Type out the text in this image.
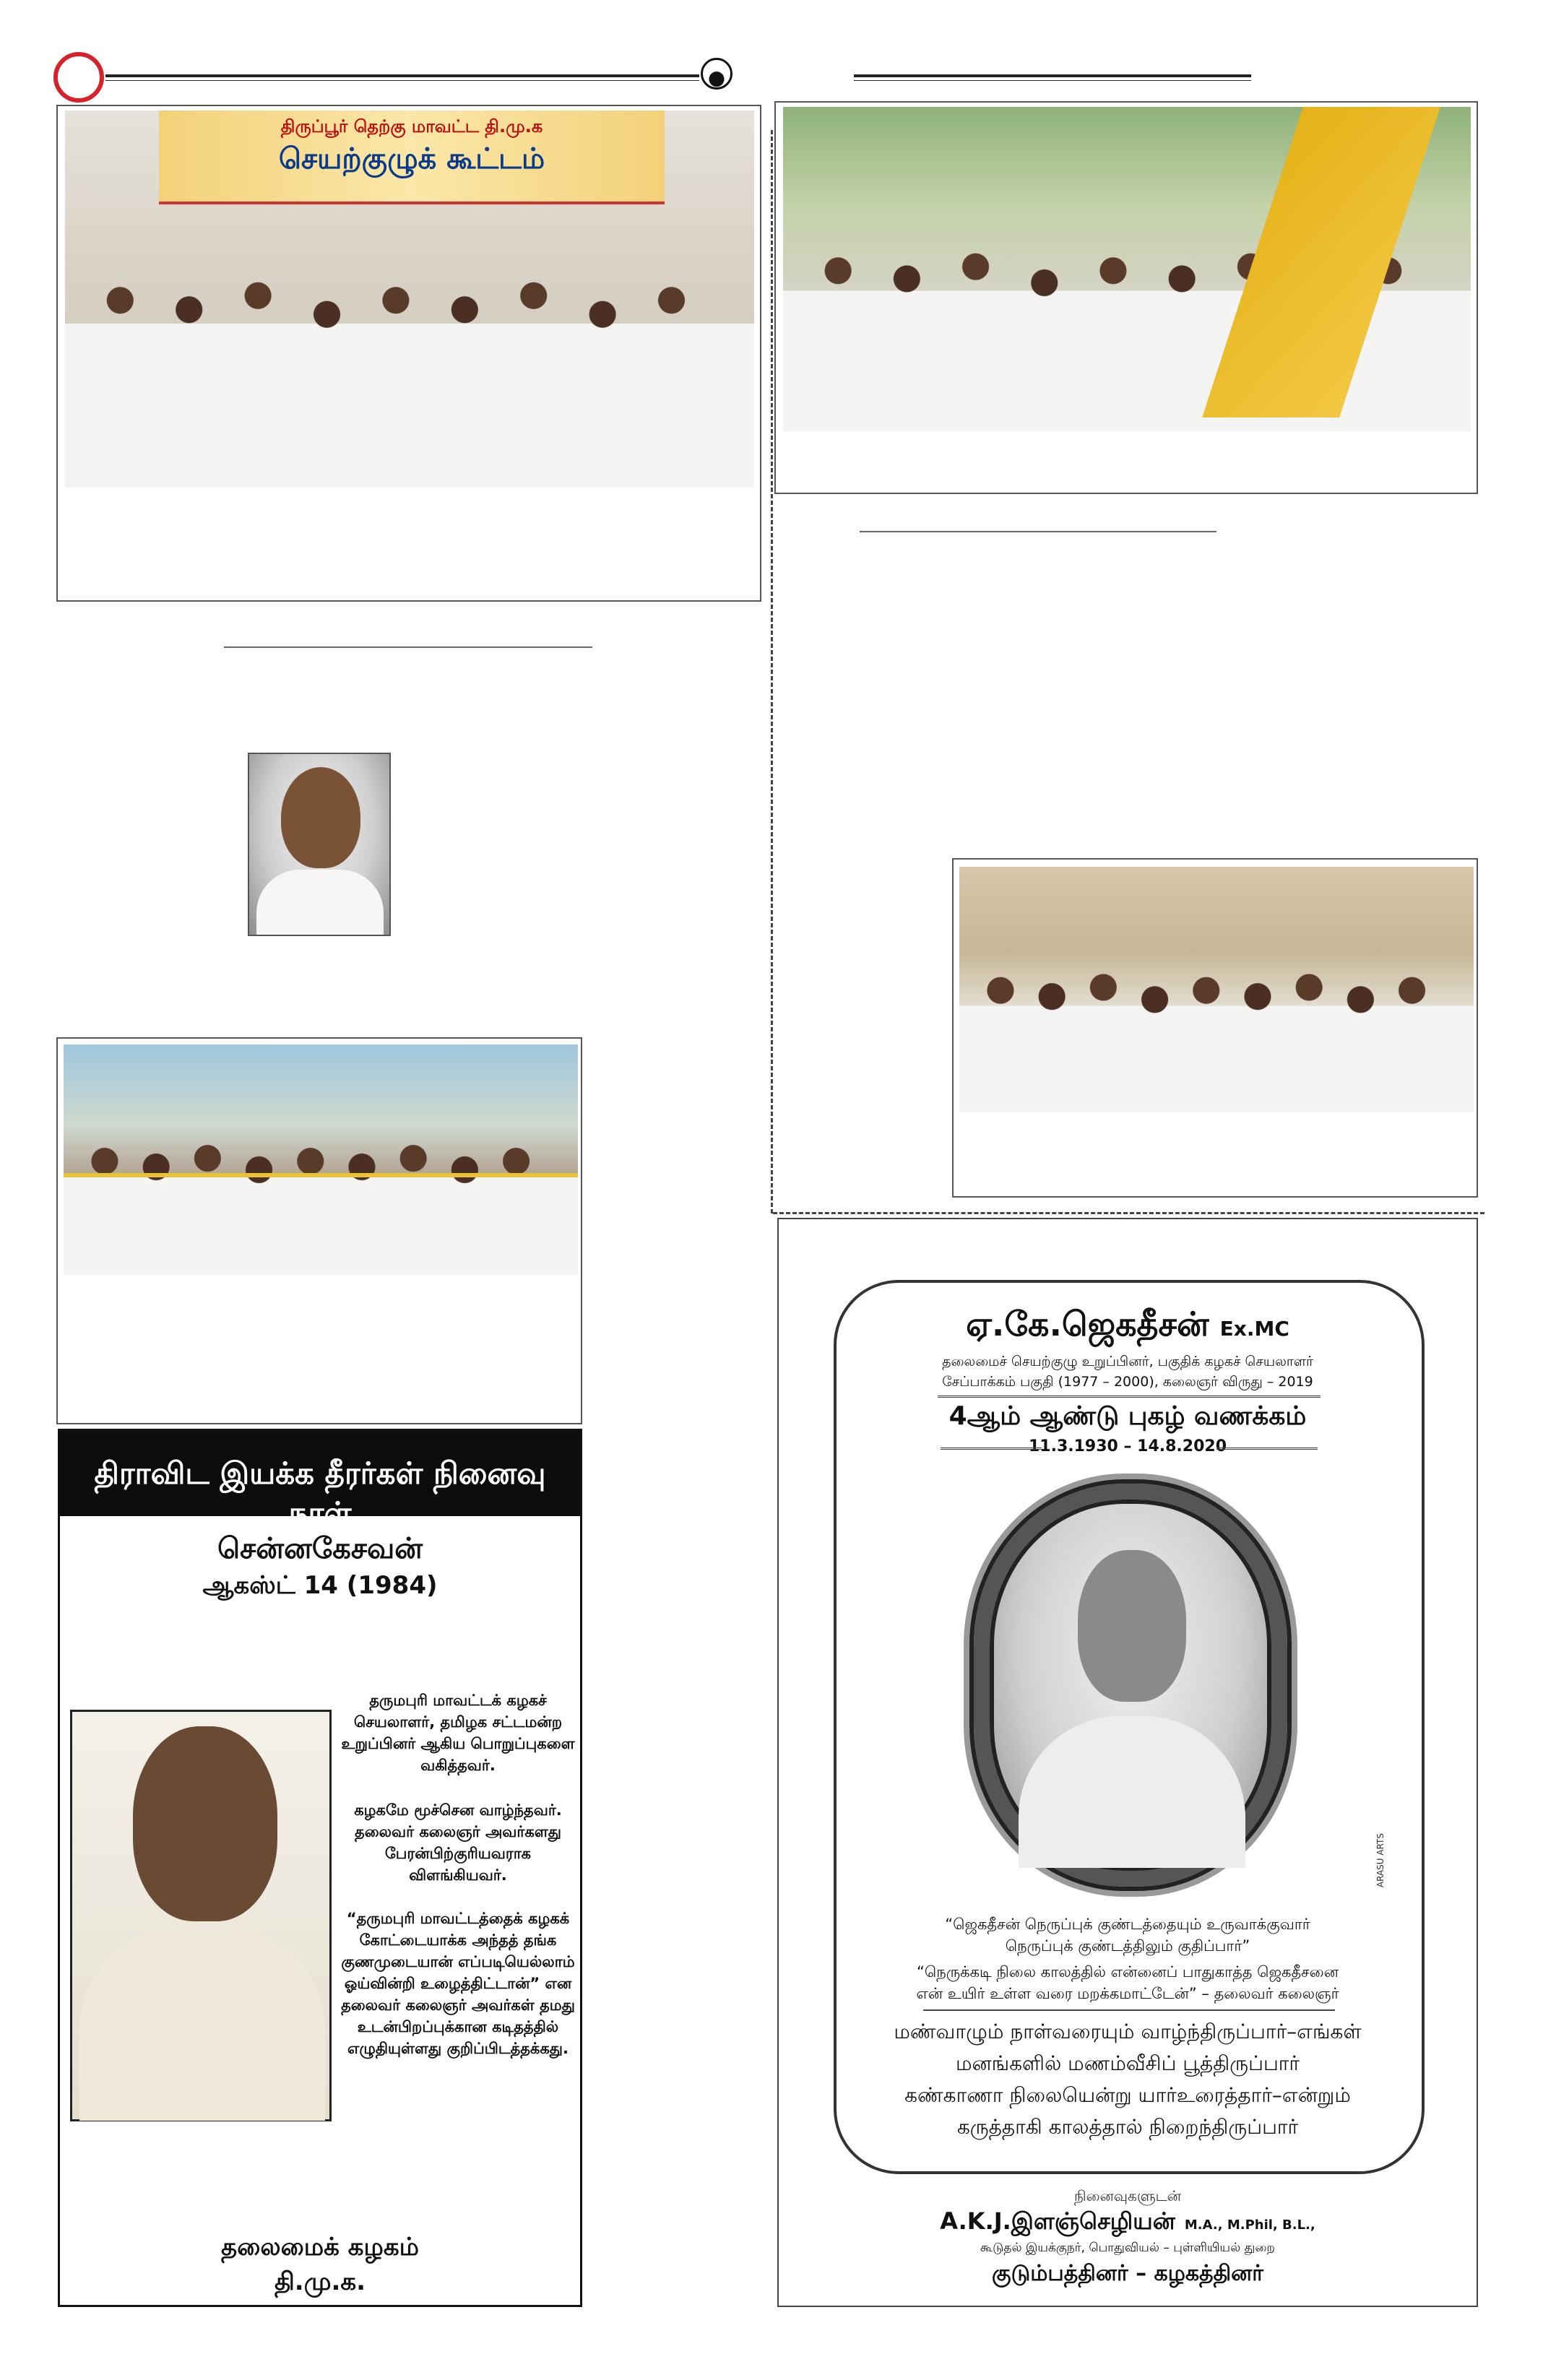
திருப்பூர் தெற்கு மாவட்ட தி.மு.க
செயற்குழுக் கூட்டம்
திராவிட இயக்க தீரர்கள் நினைவு நாள்
சென்னகேசவன்
ஆகஸ்ட் 14 (1984)
தருமபுரி மாவட்டக் கழகச் செயலாளர், தமிழக சட்டமன்ற உறுப்பினர் ஆகிய பொறுப்புகளை வகித்தவர்.
கழகமே மூச்சென வாழ்ந்தவர். தலைவர் கலைஞர் அவர்களது பேரன்பிற்குரியவராக விளங்கியவர்.
“தருமபுரி மாவட்டத்தைக் கழகக் கோட்டையாக்க அந்தத் தங்க குணமுடையான் எப்படியெல்லாம் ஓய்வின்றி உழைத்திட்டான்” என தலைவர் கலைஞர் அவர்கள் தமது உடன்பிறப்புக்கான கடிதத்தில் எழுதியுள்ளது குறிப்பிடத்தக்கது.
தலைமைக் கழகம்
தி.மு.க.
ஏ.கே.ஜெகதீசன் Ex.MC
தலைமைச் செயற்குழு உறுப்பினர், பகுதிக் கழகச் செயலாளர்
சேப்பாக்கம் பகுதி (1977 – 2000), கலைஞர் விருது – 2019
4ஆம் ஆண்டு புகழ் வணக்கம்
11.3.1930 – 14.8.2020
ARASU ARTS
“ஜெகதீசன் நெருப்புக் குண்டத்தையும் உருவாக்குவார்
நெருப்புக் குண்டத்திலும் குதிப்பார்”
“நெருக்கடி நிலை காலத்தில் என்னைப் பாதுகாத்த ஜெகதீசனை
என் உயிர் உள்ள வரை மறக்கமாட்டேன்” – தலைவர் கலைஞர்
மண்வாழும் நாள்வரையும் வாழ்ந்திருப்பார்–எங்கள்
மனங்களில் மணம்வீசிப் பூத்திருப்பார்
கண்காணா நிலையென்று யார்உரைத்தார்–என்றும்
கருத்தாகி காலத்தால் நிறைந்திருப்பார்
நினைவுகளுடன்
A.K.J.இளஞ்செழியன் M.A., M.Phil, B.L.,
கூடுதல் இயக்குநர், பொதுவியல் – புள்ளியியல் துறை
குடும்பத்தினர் – கழகத்தினர்
